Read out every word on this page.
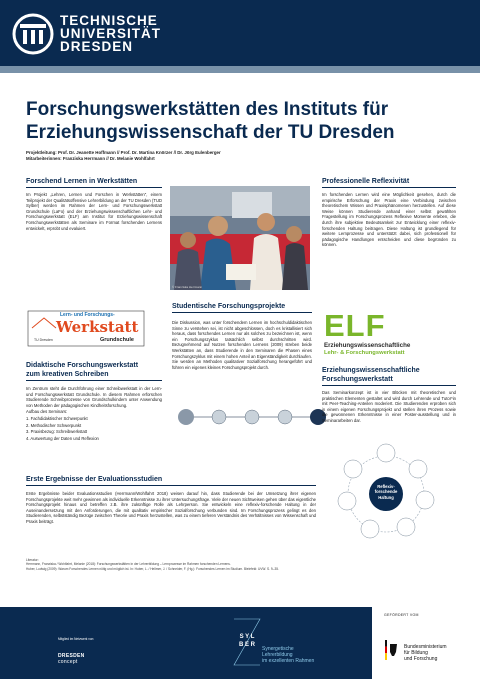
TECHNISCHE
UNIVERSITÄT
DRESDEN
Forschungswerkstätten des Instituts für
Erziehungswissenschaft der TU Dresden
Projektleitung: Prof. Dr. Jeanette Hoffmann // Prof. Dr. Martina Knörzer // Dr. Jörg Eulenberger
Mitarbeiterinnen: Franziska Herrmann // Dr. Melanie Wohlfahrt
Forschend Lernen in Werkstätten
Im Projekt „Lehren, Lernen und Forschen in Werkstätten", einem Teilprojekt der Qualitätsoffensive Lehrerbildung an der TU Dresden (TUD Sylber) werden im Rahmen der Lern- und Forschungswerkstatt Grundschule (LaFo) und der Erziehungswissenschaftlichen Lehr- und Forschungswerkstatt (ELF) am Institut für Erziehungswissenschaft Forschungswerkstätten als Seminare im Format forschenden Lernens entwickelt, erprobt und evaluiert.
© Franziska Herrmann
Professionelle Reflexivität
Im forschenden Lernen wird eine Möglichkeit gesehen, durch die empirische Erforschung der Praxis eine Verbindung zwischen theoretischem Wissen und Praxisphänomenen herzustellen. Auf diese Weise können Studierende anhand einer selbst gewählten Fragestellung im Forschungsprozess Reflexive Momente erleben, die durch ihre subjektive Bedeutsamkeit zur Entwicklung einer reflexiv-forschenden Haltung beitragen. Diese Haltung ist grundlegend für weitere Lernprozesse und unterstützt dabei, sich professionell für pädagogische Handlungen entscheiden und diese begründen zu können.
Studentische Forschungsprojekte
Die Diskussion, was unter forschendem Lernen im hochschuldidaktischen Sinne zu verstehen sei, ist nicht abgeschlossen, doch es kristallisiert sich heraus, dass forschendes Lernen nur als solches zu bezeichnen ist, wenn ein Forschungszyklus tatsächlich selbst durchschritten wird. Bezugnehmend auf Nutzen forschenden Lernens (2009) streben beide Werkstätten an, dass Studierende in den Seminaren die Phasen eines Forschungszyklus mit einem hohen Anteil an Eigenständigkeit durchlaufen. Sie werden an Methoden qualitativer Sozialforschung herangeführt und führen ein eigenes kleines Forschungsprojekt durch.
Lern- und Forschungs-
Werkstatt
TU Dresden	Grundschule
Didaktische Forschungswerkstatt
zum kreativen Schreiben

Im Zentrum steht die Durchführung einer Schreibwerkstatt in der Lern- und Forschungswerkstatt Grundschule. In diesem Rahmen erforschen Studierende Schreibprozesse von Grundschulkindern unter Anwendung von Methoden der pädagogischen Kindheitsforschung.

Aufbau des Seminars:

1. Fachdidaktischer Schwerpunkt

2. Methodischer Schwerpunkt

3. Praxisbezug: Schreibwerkstatt

4. Auswertung der Daten und Reflexion

ELF
Erziehungswissenschaftliche
Lehr- & Forschungswerkstatt
Erziehungswissenschaftliche
Forschungswerkstatt
Das Seminarkonzept ist in vier Blöcken mit theoretischen und praktischen Elementen gestaltet und wird durch Lehrende und Tutor*in mit Peer-Teaching-Anteilen moderiert. Die Studierenden erproben sich in einem eigenen Forschungsprojekt und stellen ihren Prozess sowie die gewonnenen Erkenntnisse in einer Poster-ausstellung und in Seminararbeiten dar.
Erste Ergebnisse der Evaluationsstudien
Erste Ergebnisse beider Evaluationsstudien (Herrmann/Wohlfahrt 2018) weisen darauf hin, dass Studierende bei der Umsetzung ihrer eigenen Forschungsprojekte weit mehr gewinnen als individuelle Erkenntnisse zu ihrer Untersuchungsfrage. Viele der neuen Sichtweisen gehen über das eigentliche Forschungsprojekt hinaus und betreffen z.B. ihre zukünftige Rolle als Lehrperson. Sie entwickeln eine reflexiv-forschende Haltung in der Auseinandersetzung mit den Anforderungen, die mit qualitativ empirischer Sozialforschung verbunden sind. Im Forschungsprozess gelingt es den Studierenden, selbstständig Bezüge zwischen Theorie und Praxis herzustellen, was zu einem tieferen Verständnis des Verhältnisses von Wissenschaft und Praxis beiträgt.
Reflexiv-
forschende
Haltung
Literatur:
Herrmann, Franziska / Wohlfahrt, Melanie (2018): Forschungswerkstätten in der Lehrerbildung – Lernprozesse im Rahmen forschenden Lernens.
Huber, Ludwig (2009): Warum Forschendes Lernen nötig und möglich ist. In: Huber, L. / Hellmer, J. / Schneider, F. (Hg.): Forschendes Lernen im Studium. Bielefeld: UVW. S. 9–35.
Mitglied im Netzwerk von
DRESDEN
concept
S Y L B E R
Synergetische
Lehrerbildung
im exzellenten Rahmen
GEFÖRDERT VOM
Bundesministerium
für Bildung
und Forschung
